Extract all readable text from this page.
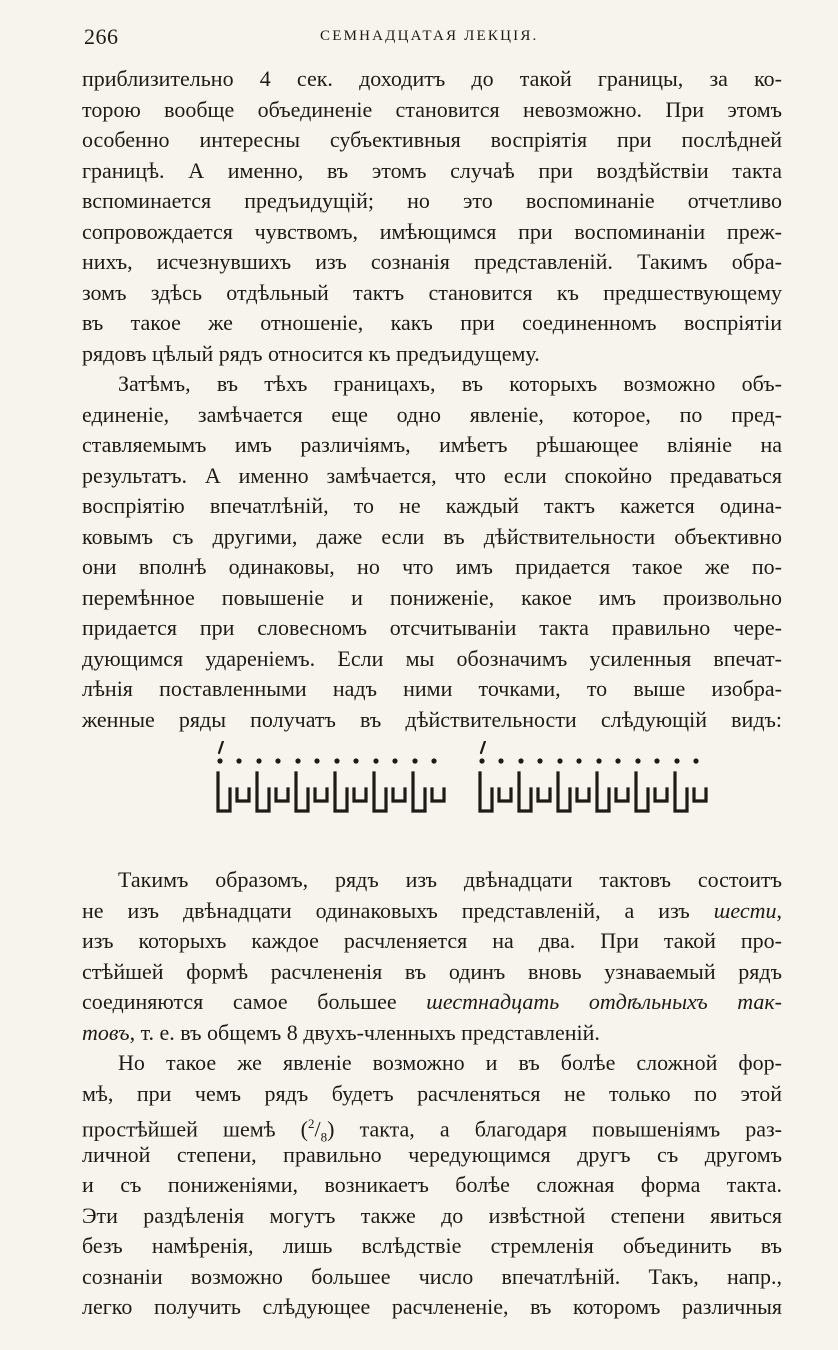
266	СЕМНАДЦАТАЯ ЛЕКЦIЯ.
приблизительно 4 сек. доходитъ до такой границы, за ко-
торою вообще объединенiе становится невозможно. При этомъ
особенно интересны субъективныя воспрiятiя при послѣдней
границѣ. А именно, въ этомъ случаѣ при воздѣйствiи такта
вспоминается предъидущiй; но это воспоминанiе отчетливо
сопровождается чувствомъ, имѣющимся при воспоминанiи преж-
нихъ, исчезнувшихъ изъ сознанiя представленiй. Такимъ обра-
зомъ здѣсь отдѣльный тактъ становится къ предшествующему
въ такое же отношенiе, какъ при соединенномъ воспрiятiи
рядовъ цѣлый рядъ относится къ предъидущему.
Затѣмъ, въ тѣхъ границахъ, въ которыхъ возможно объ-
единенiе, замѣчается еще одно явленiе, которое, по пред-
ставляемымъ имъ различiямъ, имѣетъ рѣшающее влiянiе на
результатъ. А именно замѣчается, что если спокойно предаваться
воспрiятiю впечатлѣнiй, то не каждый тактъ кажется одина-
ковымъ съ другими, даже если въ дѣйствительности объективно
они вполнѣ одинаковы, но что имъ придается такое же по-
перемѣнное повышенiе и пониженiе, какое имъ произвольно
придается при словесномъ отсчитыванiи такта правильно чере-
дующимся ударенiемъ. Если мы обозначимъ усиленныя впечат-
лѣнiя поставленными надъ ними точками, то выше изобра-
женные ряды получатъ въ дѣйствительности слѣдующiй видъ:
Такимъ образомъ, рядъ изъ двѣнадцати тактовъ состоитъ
не изъ двѣнадцати одинаковыхъ представленiй, а изъ шести,
изъ которыхъ каждое расчленяется на два. При такой про-
стѣйшей формѣ расчлененiя въ одинъ вновь узнаваемый рядъ
соединяются самое большее шестнадцать отдѣльныхъ так-
товъ, т. е. въ общемъ 8 двухъ-членныхъ представленiй.
Но такое же явленiе возможно и въ болѣе сложной фор-
мѣ, при чемъ рядъ будетъ расчленяться не только по этой
простѣйшей шемѣ $(^2/_8)$ такта, а благодаря повышенiямъ раз-
личной степени, правильно чередующимся другъ съ другомъ
и съ пониженiями, возникаетъ болѣе сложная форма такта.
Эти раздѣленiя могутъ также до извѣстной степени явиться
безъ намѣренiя, лишь вслѣдствiе стремленiя объединить въ
сознанiи возможно большее число впечатлѣнiй. Такъ, напр.,
легко получить слѣдующее расчлененiе, въ которомъ различныя
